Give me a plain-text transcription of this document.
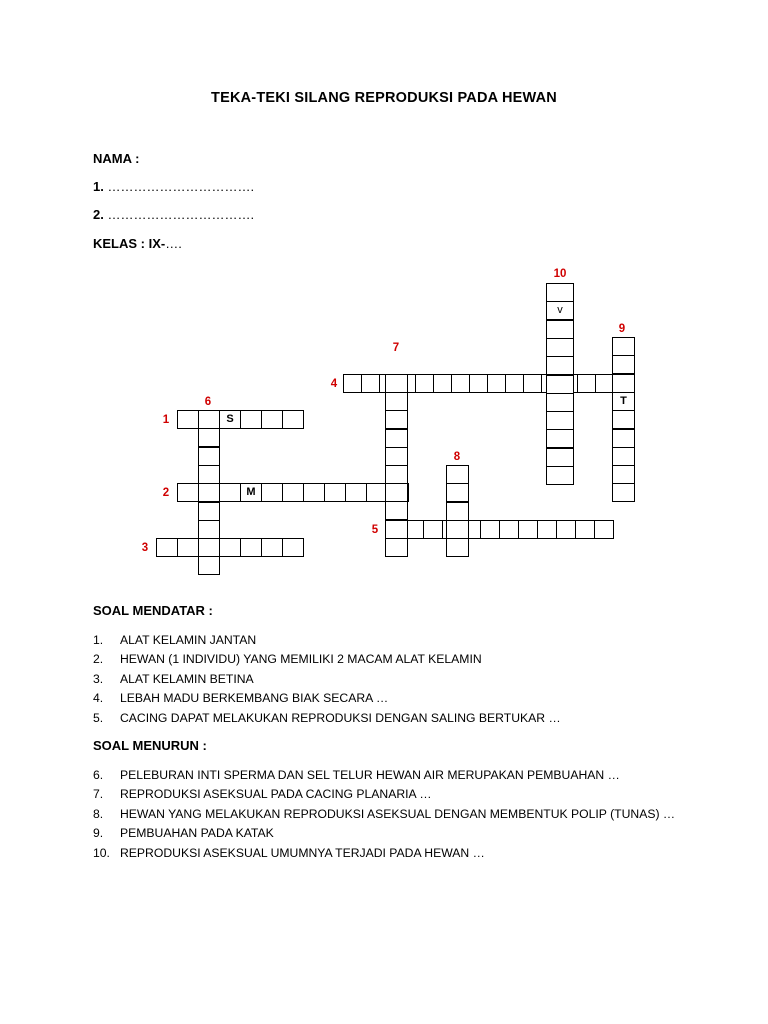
TEKA-TEKI SILANG REPRODUKSI PADA HEWAN
NAMA :
1. …………………………….
2. …………………………….
KELAS : IX-….
S
1
M
2
3
4
5
6
7
8
T
9
v
10
SOAL MENDATAR :
1. ALAT KELAMIN JANTAN
2. HEWAN (1 INDIVIDU) YANG MEMILIKI 2 MACAM ALAT KELAMIN
3. ALAT KELAMIN BETINA
4. LEBAH MADU BERKEMBANG BIAK SECARA …
5. CACING DAPAT MELAKUKAN REPRODUKSI DENGAN SALING BERTUKAR …
SOAL MENURUN :
6. PELEBURAN INTI SPERMA DAN SEL TELUR HEWAN AIR MERUPAKAN PEMBUAHAN …
7. REPRODUKSI ASEKSUAL PADA CACING PLANARIA …
8. HEWAN YANG MELAKUKAN REPRODUKSI ASEKSUAL DENGAN MEMBENTUK POLIP (TUNAS) …
9. PEMBUAHAN PADA KATAK
10. REPRODUKSI ASEKSUAL UMUMNYA TERJADI PADA HEWAN …
